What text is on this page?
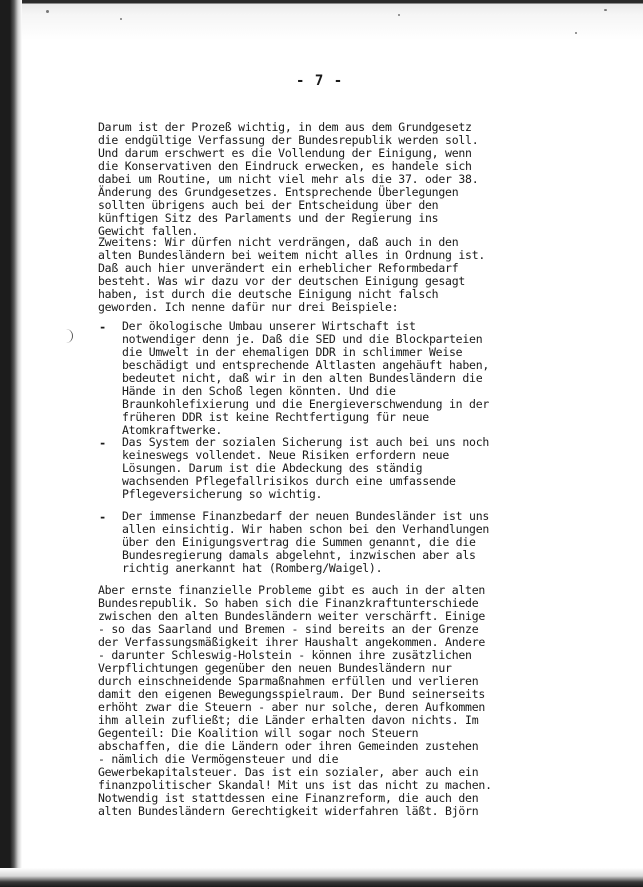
- 7 -

Darum ist der Prozeß wichtig, in dem aus dem Grundgesetz
die endgültige Verfassung der Bundesrepublik werden soll.
Und darum erschwert es die Vollendung der Einigung, wenn
die Konservativen den Eindruck erwecken, es handele sich
dabei um Routine, um nicht viel mehr als die 37. oder 38.
Änderung des Grundgesetzes. Entsprechende Überlegungen
sollten übrigens auch bei der Entscheidung über den
künftigen Sitz des Parlaments und der Regierung ins
Gewicht fallen.

Zweitens: Wir dürfen nicht verdrängen, daß auch in den
alten Bundesländern bei weitem nicht alles in Ordnung ist.
Daß auch hier unverändert ein erheblicher Reformbedarf
besteht. Was wir dazu vor der deutschen Einigung gesagt
haben, ist durch die deutsche Einigung nicht falsch
geworden. Ich nenne dafür nur drei Beispiele:

- Der ökologische Umbau unserer Wirtschaft ist
notwendiger denn je. Daß die SED und die Blockparteien
die Umwelt in der ehemaligen DDR in schlimmer Weise
beschädigt und entsprechende Altlasten angehäuft haben,
bedeutet nicht, daß wir in den alten Bundesländern die
Hände in den Schoß legen könnten. Und die
Braunkohlefixierung und die Energieverschwendung in der
früheren DDR ist keine Rechtfertigung für neue
Atomkraftwerke.

- Das System der sozialen Sicherung ist auch bei uns noch
keineswegs vollendet. Neue Risiken erfordern neue
Lösungen. Darum ist die Abdeckung des ständig
wachsenden Pflegefallrisikos durch eine umfassende
Pflegeversicherung so wichtig.

- Der immense Finanzbedarf der neuen Bundesländer ist uns
allen einsichtig. Wir haben schon bei den Verhandlungen
über den Einigungsvertrag die Summen genannt, die die
Bundesregierung damals abgelehnt, inzwischen aber als
richtig anerkannt hat (Romberg/Waigel).

Aber ernste finanzielle Probleme gibt es auch in der alten
Bundesrepublik. So haben sich die Finanzkraftunterschiede
zwischen den alten Bundesländern weiter verschärft. Einige
- so das Saarland und Bremen - sind bereits an der Grenze
der Verfassungsmäßigkeit ihrer Haushalt angekommen. Andere
- darunter Schleswig-Holstein - können ihre zusätzlichen
Verpflichtungen gegenüber den neuen Bundesländern nur
durch einschneidende Sparmaßnahmen erfüllen und verlieren
damit den eigenen Bewegungsspielraum. Der Bund seinerseits
erhöht zwar die Steuern - aber nur solche, deren Aufkommen
ihm allein zufließt; die Länder erhalten davon nichts. Im
Gegenteil: Die Koalition will sogar noch Steuern
abschaffen, die die Ländern oder ihren Gemeinden zustehen
- nämlich die Vermögensteuer und die
Gewerbekapitalsteuer. Das ist ein sozialer, aber auch ein
finanzpolitischer Skandal! Mit uns ist das nicht zu machen.

Notwendig ist stattdessen eine Finanzreform, die auch den
alten Bundesländern Gerechtigkeit widerfahren läßt. Björn
